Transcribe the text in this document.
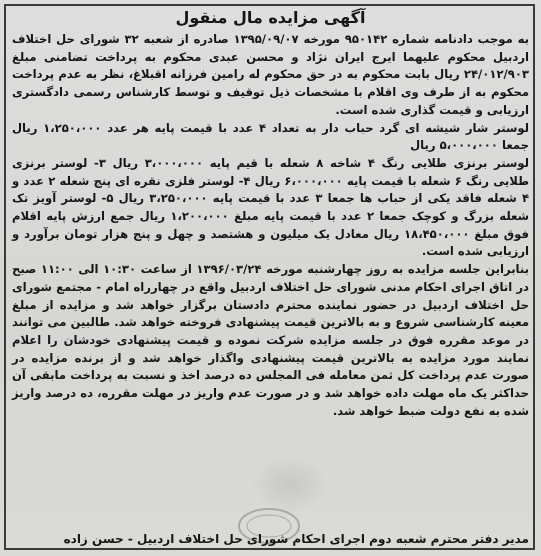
آگهی مزایده مال منقول

به موجب دادنامه شماره ۹۵۰۱۴۲ مورخه ۱۳۹۵/۰۹/۰۷ صادره از شعبه ۳۲ شورای حل اختلاف اردبیل محکوم علیهما ایرج ایران نژاد و محسن عبدی محکوم به پرداخت تضامنی مبلغ ۲۴/۰۱۲/۹۰۳ ریال بابت محکوم به در حق محکوم له رامین فرزانه اقبلاغ، نظر به عدم پرداخت محکوم به از طرف وی اقلام با مشخصات ذیل توقیف و توسط کارشناس رسمی دادگستری ارزیابی و قیمت گذاری شده است.

لوستر شار شیشه ای گرد حباب دار به تعداد ۴ عدد با قیمت پایه هر عدد ۱،۲۵۰،۰۰۰ ریال جمعا ۵،۰۰۰،۰۰۰ ریال

لوستر برنزی طلایی رنگ ۴ شاخه ۸ شعله با قیم پایه ۳،۰۰۰،۰۰۰ ریال ۳- لوستر برنزی طلایی رنگ ۶ شعله با قیمت پایه ۶،۰۰۰،۰۰۰ ریال ۴- لوستر فلزی نقره ای پنج شعله ۲ عدد و ۴ شعله فاقد یکی از حباب ها جمعا ۳ عدد با قیمت پایه ۳،۲۵۰،۰۰۰ ریال ۵- لوستر آویز تک شعله بزرگ و کوچک جمعا ۲ عدد با قیمت پایه مبلغ ۱،۲۰۰،۰۰۰ ریال جمع ارزش پایه اقلام فوق مبلغ ۱۸،۴۵۰،۰۰۰ ریال معادل یک میلیون و هشتصد و چهل و پنج هزار تومان برآورد و ارزیابی شده است.

بنابراین جلسه مزایده به روز چهارشنبه مورخه ۱۳۹۶/۰۳/۲۴ از ساعت ۱۰:۳۰ الی ۱۱:۰۰ صبح در اتاق اجرای احکام مدنی شورای حل اختلاف اردبیل واقع در چهارراه امام - مجتمع شورای حل اختلاف اردبیل در حضور نماینده محترم دادستان برگزار خواهد شد و مزایده از مبلغ معینه کارشناسی شروع و به بالاترین قیمت پیشنهادی فروخته خواهد شد. طالبین می توانند در موعد مقرره فوق در جلسه مزایده شرکت نموده و قیمت پیشنهادی خودشان را اعلام نمایند مورد مزایده به بالاترین قیمت پیشنهادی واگذار خواهد شد و از برنده مزایده در صورت عدم پرداخت کل ثمن معامله فی المجلس ده درصد اخذ و نسبت به پرداخت مابقی آن حداکثر یک ماه مهلت داده خواهد شد و در صورت عدم واریز در مهلت مقرره، ده درصد واریز شده به نفع دولت ضبط خواهد شد.

مدیر دفتر محترم شعبه دوم اجرای احکام شورای حل اختلاف اردبیل - حسن زاده
